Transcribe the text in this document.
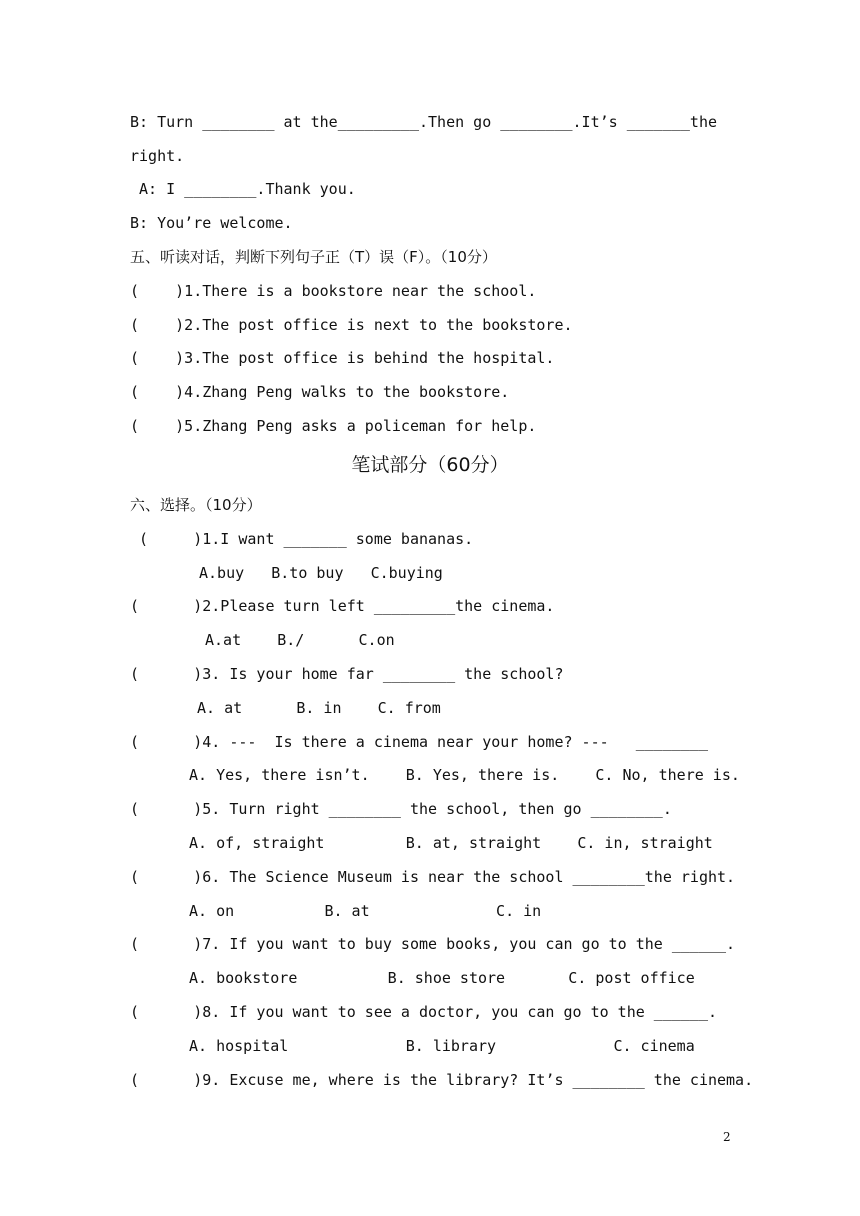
B: Turn ________ at the_________.Then go ________.It’s _______the
right.
A: I ________.Thank you.
B: You’re welcome.
五、听读对话，判断下列句子正（T）误（F）。（10分）
(    )1.There is a bookstore near the school.
(    )2.The post office is next to the bookstore.
(    )3.The post office is behind the hospital.
(    )4.Zhang Peng walks to the bookstore.
(    )5.Zhang Peng asks a policeman for help.
笔试部分（60分）
六、选择。（10分）
(     )1.I want _______ some bananas.
A.buy   B.to buy   C.buying
(      )2.Please turn left _________the cinema.
A.at    B./      C.on
(      )3. Is your home far ________ the school?
A. at      B. in    C. from
(      )4. ---  Is there a cinema near your home? ---   ________
A. Yes, there isn’t.    B. Yes, there is.    C. No, there is.
(      )5. Turn right ________ the school, then go ________.
A. of, straight         B. at, straight    C. in, straight
(      )6. The Science Museum is near the school ________the right.
A. on          B. at              C. in
(      )7. If you want to buy some books, you can go to the ______.
A. bookstore          B. shoe store       C. post office
(      )8. If you want to see a doctor, you can go to the ______.
A. hospital             B. library             C. cinema
(      )9. Excuse me, where is the library? It’s ________ the cinema.
2
